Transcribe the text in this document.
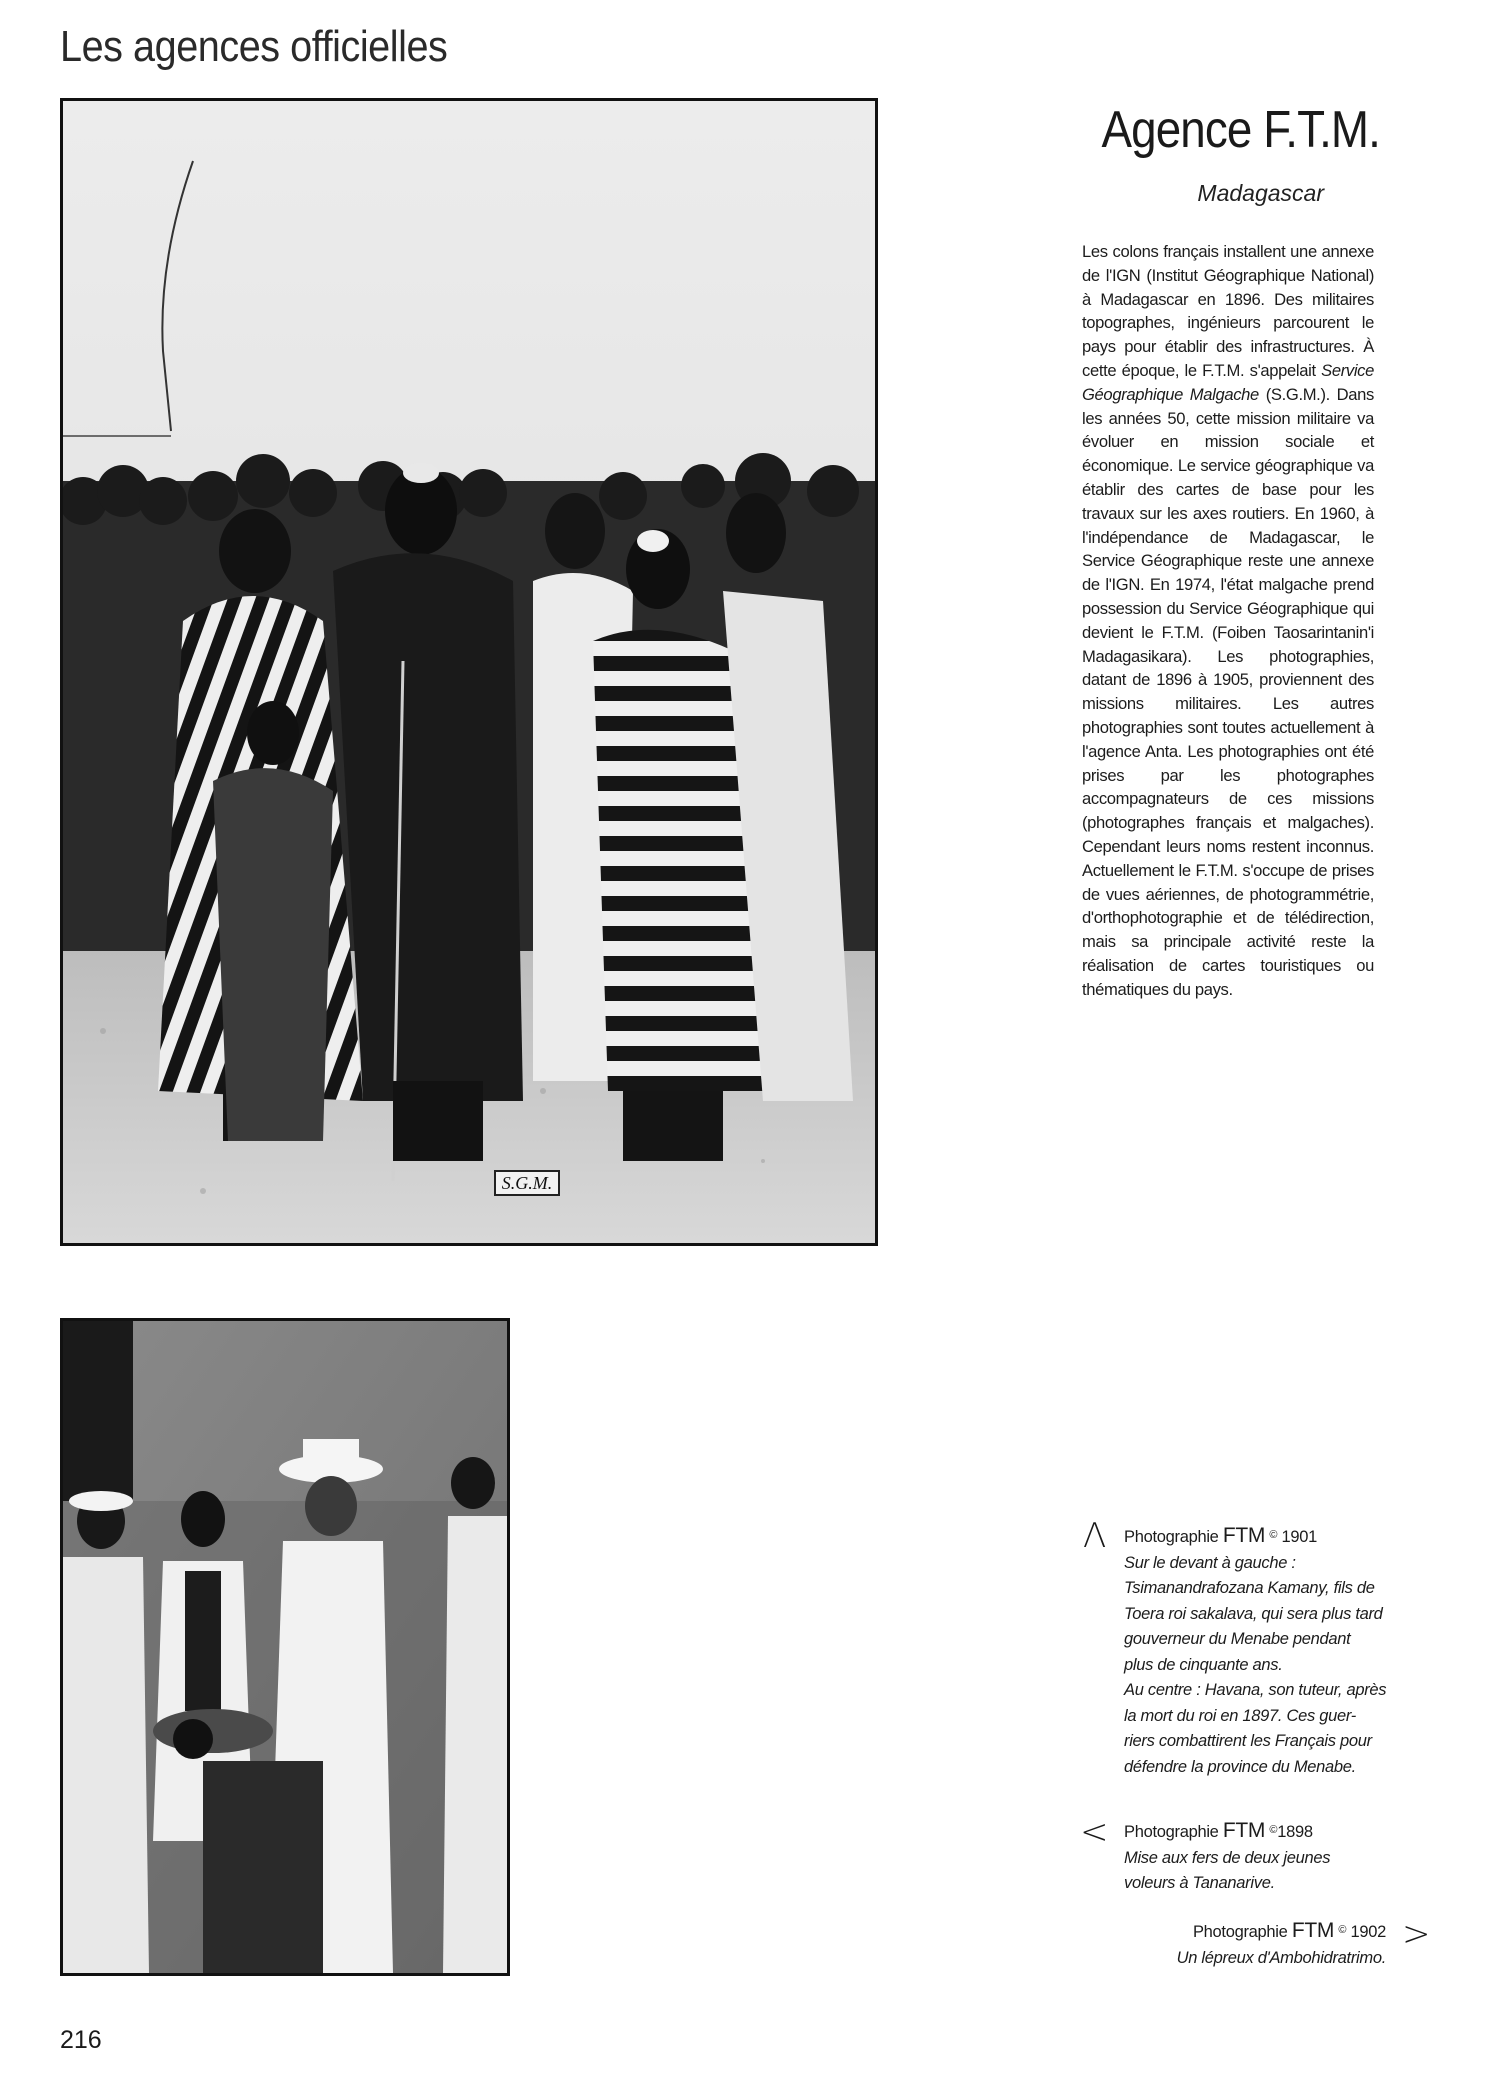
Les agences officielles
S.G.M.
Agence F.T.M.
Madagascar
Les colons français installent une annexe de l'IGN (Institut Géographique National) à Madagascar en 1896. Des militaires topographes, ingénieurs parcourent le pays pour établir des infrastructures. À cette époque, le F.T.M. s'appelait Service Géographique Malgache (S.G.M.). Dans les années 50, cette mission militaire va évoluer en mission sociale et économique. Le service géographique va établir des cartes de base pour les travaux sur les axes routiers. En 1960, à l'indépendance de Madagascar, le Service Géographique reste une annexe de l'IGN. En 1974, l'état malgache prend possession du Service Géographique qui devient le F.T.M. (Foiben Taosarintanin'i Madagasikara). Les photographies, datant de 1896 à 1905, proviennent des missions militaires. Les autres photographies sont toutes actuellement à l'agence Anta. Les photographies ont été prises par les photographes accompagnateurs de ces missions (photographes français et malgaches). Cependant leurs noms restent inconnus. Actuellement le F.T.M. s'occupe de prises de vues aériennes, de photogrammétrie, d'orthophotographie et de télédirection, mais sa principale activité reste la réalisation de cartes touristiques ou thématiques du pays.
Λ Photographie FTM © 1901
Sur le devant à gauche :
Tsimanandrafozana Kamany, fils de
Toera roi sakalava, qui sera plus tard
gouverneur du Menabe pendant
plus de cinquante ans.
Au centre : Havana, son tuteur, après
la mort du roi en 1897. Ces guer-
riers combattirent les Français pour
défendre la province du Menabe.
< Photographie FTM ©1898
Mise aux fers de deux jeunes
voleurs à Tananarive.
Photographie FTM © 1902
Un lépreux d'Ambohidratrimo.
>
216
